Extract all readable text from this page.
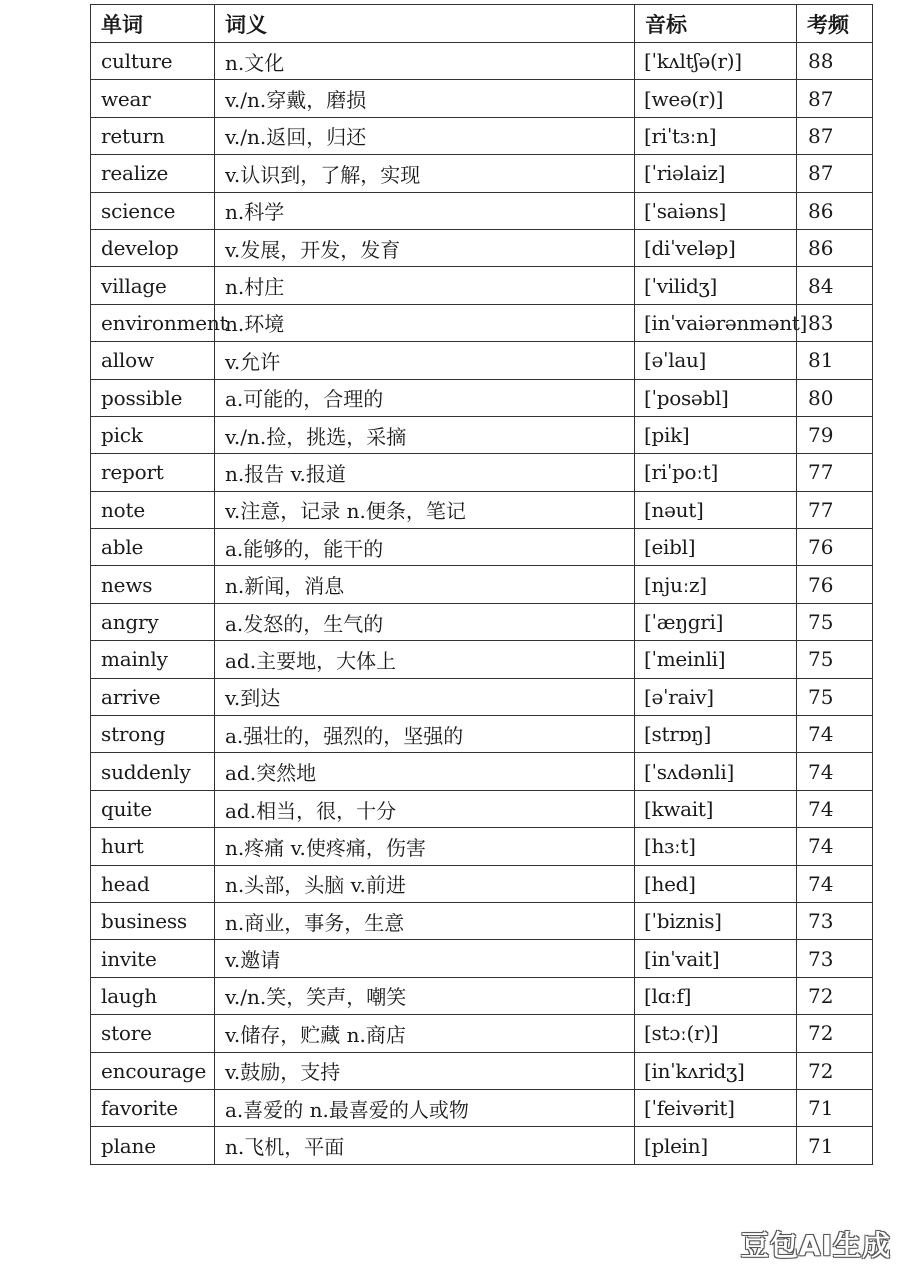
单词	词义	音标	考频
culture	n.文化	[ˈkʌltʃə(r)]	88
wear	v./n.穿戴，磨损	[weə(r)]	87
return	v./n.返回，归还	[riˈtɜːn]	87
realize	v.认识到，了解，实现	[ˈriəlaiz]	87
science	n.科学	[ˈsaiəns]	86
develop	v.发展，开发，发育	[diˈveləp]	86
village	n.村庄	[ˈvilidʒ]	84
environment	n.环境	[inˈvaiərənmənt]	83
allow	v.允许	[əˈlau]	81
possible	a.可能的，合理的	[ˈposəbl]	80
pick	v./n.捡，挑选，采摘	[pik]	79
report	n.报告 v.报道	[riˈpoːt]	77
note	v.注意，记录 n.便条，笔记	[nəut]	77
able	a.能够的，能干的	[eibl]	76
news	n.新闻，消息	[njuːz]	76
angry	a.发怒的，生气的	[ˈæŋgri]	75
mainly	ad.主要地，大体上	[ˈmeinli]	75
arrive	v.到达	[əˈraiv]	75
strong	a.强壮的，强烈的，坚强的	[strɒŋ]	74
suddenly	ad.突然地	[ˈsʌdənli]	74
quite	ad.相当，很，十分	[kwait]	74
hurt	n.疼痛 v.使疼痛，伤害	[hɜːt]	74
head	n.头部，头脑 v.前进	[hed]	74
business	n.商业，事务，生意	[ˈbiznis]	73
invite	v.邀请	[inˈvait]	73
laugh	v./n.笑，笑声，嘲笑	[lɑːf]	72
store	v.储存，贮藏 n.商店	[stɔː(r)]	72
encourage	v.鼓励，支持	[inˈkʌridʒ]	72
favorite	a.喜爱的 n.最喜爱的人或物	[ˈfeivərit]	71
plane	n.飞机，平面	[plein]	71
豆包AI生成
